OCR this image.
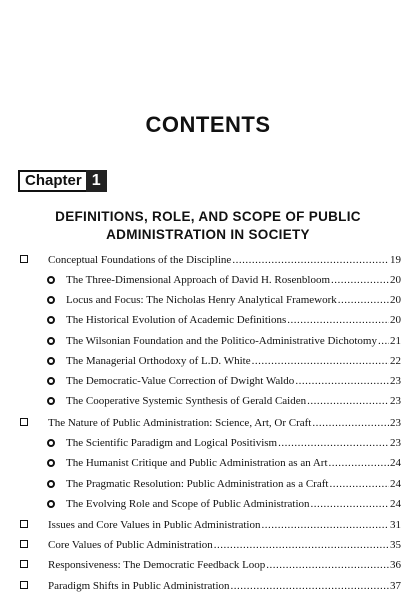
CONTENTS
Chapter 1
DEFINITIONS, ROLE, AND SCOPE OF PUBLIC ADMINISTRATION IN SOCIETY
Conceptual Foundations of the Discipline .....	19
The Three-Dimensional Approach of David H. Rosenbloom .....	20
Locus and Focus: The Nicholas Henry Analytical Framework .....	20
The Historical Evolution of Academic Definitions .....	20
The Wilsonian Foundation and the Politico-Administrative Dichotomy ..... 21
The Managerial Orthodoxy of L.D. White .....	22
The Democratic-Value Correction of Dwight Waldo .....	23
The Cooperative Systemic Synthesis of Gerald Caiden .....	23
The Nature of Public Administration: Science, Art, Or Craft .....	23
The Scientific Paradigm and Logical Positivism .....	23
The Humanist Critique and Public Administration as an Art .....	24
The Pragmatic Resolution: Public Administration as a Craft .....	24
The Evolving Role and Scope of Public Administration .....	24
Issues and Core Values in Public Administration .....	31
Core Values of Public Administration .....	35
Responsiveness: The Democratic Feedback Loop .....	36
Paradigm Shifts in Public Administration .....	37
